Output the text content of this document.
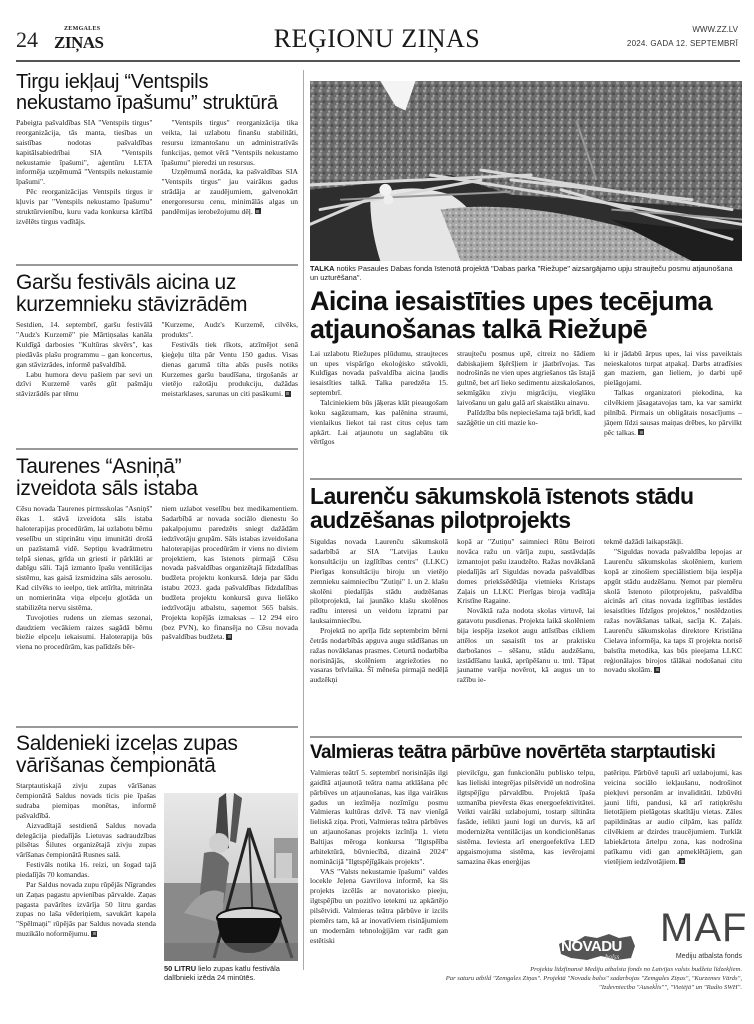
24	ZEMGALES
ZIŅAS	REĢIONU ZIŅAS	WWW.ZZ.LV
2024. GADA 12. SEPTEMBRĪ
Tirgu iekļauj “Ventspils nekustamo īpašumu” struktūrā

Pabeigta pašvaldības SIA "Ventspils tirgus" reorganizācija, tās manta, tiesības un saistības nodotas pašvaldības kapitālsabiedrībai SIA "Ventspils nekustamie īpašumi", aģentūru LETA informēja uzņēmumā "Ventspils nekustamie īpašumi".

Pēc reorganizācijas Ventspils tirgus ir kļuvis par "Ventspils nekustamo īpašumu" struktūrvienību, kuru vada konkursa kārtībā izvēlēts tirgus vadītājs.

"Ventspils tirgus" reorganizācija tika veikta, lai uzlabotu finanšu stabilitāti, resursu izmantošanu un administratīvās funkcijas, ņemot vērā "Ventspils nekustamo īpašumu" pieredzi un resursus.

Uzņēmumā norāda, ka pašvaldības SIA "Ventspils tirgus" jau vairākus gadus strādāja ar zaudējumiem, galvenokārt energoresursu cenu, minimālās algas un pandēmijas ierobežojumu dēļ.

Garšu festivāls aicina uz kurzemnieku stāvizrādēm

Sestdien, 14. septembrī, garšu festivālā "Audz's Kurzemē" pie Mārtiņsalas kanāla Kuldīgā darbosies "Kultūras skvērs", kas piedāvās plašu programmu – gan koncertus, gan stāvizrādes, informē pašvaldībā.

Labu humora devu pašiem par sevi un dzīvi Kurzemē varēs gūt pašmāju stāvizrādēs par tēmu

"Kurzeme, Audz's Kurzemē, cilvēks, produkts".

Festivāls tiek rīkots, atzīmējot senā ķieģeļu tilta pār Ventu 150 gadus. Visas dienas garumā tilta abās pusēs notiks Kurzemes garšu baudīšana, tirgošanās ar vietējo ražotāju produkciju, dažādas meistarklases, sarunas un citi pasākumi.

Taurenes “Asniņā” izveidota sāls istaba

Cēsu novada Taurenes pirmsskolas "Asniņš" ēkas 1. stāvā izveidota sāls istaba haloterapijas procedūrām, lai uzlabotu bērnu veselību un stiprinātu viņu imunitāti drošā un pazīstamā vidē. Septiņu kvadrātmetru telpā sienas, grīda un griesti ir pārklāti ar dabīgu sāli. Tajā izmanto īpašu ventilācijas sistēmu, kas gaisā izsmidzina sāls aerosolu. Kad cilvēks to ieelpo, tiek attīrīta, mitrināta un nomierināta viņa elpceļu gļotāda un stabilizēta nervu sistēma.

Tuvojoties rudens un ziemas sezonai, daudziem vecākiem raizes sagādā bērnu biežie elpceļu iekaisumi. Haloterapija būs viena no procedūrām, kas palīdzēs bēr-

niem uzlabot veselību bez medikamentiem. Sadarbībā ar novada sociālo dienestu šo pakalpojumu paredzēts sniegt dažādām iedzīvotāju grupām. Sāls istabas izveidošana haloterapijas procedūrām ir viens no diviem projektiem, kas īstenots pirmajā Cēsu novada pašvaldības organizētajā līdzdalības budžeta projektu konkursā. Ideja par šādu istabu 2023. gada pašvaldības līdzdalības budžeta projektu konkursā guva lielāko iedzīvotāju atbalstu, saņemot 565 balsis. Projekta kopējās izmaksas – 12 294 eiro (bez PVN), ko finansēja no Cēsu novada pašvaldības budžeta.

Saldenieki izceļas zupas vārīšanas čempionātā

Starptautiskajā zivju zupas vārīšanas čempionātā Saldus novads ticis pie īpašas sudraba piemiņas monētas, informē pašvaldībā.

Aizvadītajā sestdienā Saldus novada delegācija piedalījās Lietuvas sadraudzības pilsētas Šilutes organizētajā zivju zupas vārīšanas čempionātā Rusnes salā.

Festivāls notika 16. reizi, un šogad tajā piedalījās 70 komandas.

Par Saldus novada zupu rūpējās Nīgrandes un Zaņas pagastu apvienības pārvalde. Zaņas pagasta pavārītes izvārīja 50 litru gardas zupas no laša vēderiņiem, savukārt kapela "Spēlmaņi" rūpējās par Saldus novada stenda muzikālo noformējumu.

50 LITRU lielo zupas katlu festivāla dalībnieki izēda 24 minūtēs.
TALKA notiks Pasaules Dabas fonda īstenotā projektā "Dabas parka "Riežupe" aizsargājamo upju straujteču posmu atjaunošana un uzturēšana".
Aicina iesaistīties upes tecējuma atjaunošanas talkā Riežupē

Lai uzlabotu Riežupes plūdumu, straujteces un upes vispārīgo ekoloģisko stāvokli, Kuldīgas novada pašvaldība aicina ļaudis iesaistīties talkā. Talka paredzēta 15. septembrī.

Talciniekiem būs jāķeras klāt pieaugošam koku sagāzumam, kas palēnina straumi, vienlaikus liekot tai rast citus ceļus tam apkārt. Lai atjaunotu un saglabātu tik vērtīgos

straujteču posmus upē, citreiz no šādiem dabiskajiem šķēršļiem ir jāatbrīvojas. Tas nodrošinās ne vien upes atgriešanos tās īstajā gultnē, bet arī lieko sedimentu aizskalošanos, sekmīgāku zivju migrāciju, vieglāku laivošanu un galu galā arī skaistāku ainavu.

Palīdzība būs nepieciešama tajā brīdī, kad sazāģētie un citi mazie ko-

ki ir jādabū ārpus upes, lai viss paveiktais neieskalotos turpat atpakaļ. Darbs atradīsies gan maziem, gan lieliem, jo darbi upē pielāgojami.

Talkas organizatori piekodina, ka cilvēkiem jāsagatavojas tam, ka var samirkt pilnībā. Pirmais un obligātais nosacījums – jāņem līdzi sausas maiņas drēbes, ko pārvilkt pēc talkas.

Laurenču sākumskolā īstenots stādu audzēšanas pilotprojekts

Siguldas novada Laurenču sākumskolā sadarbībā ar SIA "Latvijas Lauku konsultāciju un izglītības centrs" (LLKC) Pierīgas konsultāciju biroju un vietējo zemnieku saimniecību "Zutiņi" 1. un 2. klašu skolēni piedalījās stādu audzēšanas pilotprojektā, lai jaunāko klašu skolēnos radītu interesi un veidotu izpratni par lauksaimniecību.

Projektā no aprīļa līdz septembrim bērni četrās nodarbībās apguva augu stādīšanas un ražas novākšanas prasmes. Ceturtā nodarbība norisinājās, skolēniem atgriežoties no vasaras brīvlaika. Šī mēneša pirmajā nedēļā audzēkņi

kopā ar "Zutiņu" saimnieci Rūtu Beiroti novāca ražu un vārīja zupu, sastāvdaļās izmantojot pašu izaudzēto. Ražas novākšanā piedalījās arī Siguldas novada pašvaldības domes priekšsēdētāja vietnieks Kristaps Zaļais un LLKC Pierīgas biroja vadītāja Kristīne Ragaine.

Novāktā raža nodota skolas virtuvē, lai gatavotu pusdienas. Projekta laikā skolēniem bija iespēja izsekot augu attīstības cikliem attēlos un sasaistīt tos ar praktisku darbošanos – sēšanu, stādu audzēšanu, izstādīšanu laukā, aprūpēšanu u. tml. Tāpat jaunatne varēja novērot, kā augus un to ražību ie-

tekmē dažādi laikapstākļi.

"Siguldas novada pašvaldība lepojas ar Laurenču sākumskolas skolēniem, kuriem kopā ar zinošiem speciālistiem bija iespēja apgūt stādu audzēšanu. Ņemot par piemēru skolā īstenoto pilotprojektu, pašvaldība aicinās arī citas novada izglītības iestādes iesaistīties līdzīgos projektos," noslēdzoties ražas novākšanas talkai, sacīja K. Zaļais. Laurenču sākumskolas direktore Kristiāna Cielava informēja, ka taps šī projekta norisē balstīta metodika, kas būs pieejama LLKC reģionālajos birojos tālākai nodošanai citu novadu skolām.

Valmieras teātra pārbūve novērtēta starptautiski

Valmieras teātrī 5. septembrī norisinājās ilgi gaidītā atjaunotā teātra nama atklāšana pēc pārbūves un atjaunošanas, kas ilga vairākus gadus un iezīmēja nozīmīgu posmu Valmieras kultūras dzīvē. Tā nav vienīgā lieliskā ziņa. Proti, Valmieras teātra pārbūves un atjaunošanas projekts izcīnīja 1. vietu Baltijas mēroga konkursa "Ilgtspēība arhitektūrā, būvniecībā, dizainā 2024" nominācijā "Ilgtspējīgākais projekts".

VAS "Valsts nekustamie īpašumi" valdes locekle Jeļena Gavrilova informē, ka šis projekts izcēlās ar novatorisko pieeju, ilgtspējību un pozitīvo ietekmi uz apkārtējo pilsētvidi. Valmieras teātra pārbūve ir izcils piemērs tam, kā ar inovatīviem risinājumiem un modernām tehnoloģijām var radīt gan estētiski

pievilcīgu, gan funkcionālu publisko telpu, kas lieliski integrējas pilsētvidē un nodrošina ilgtspējīgu pārvaldību. Projektā īpaša uzmanība pievērsta ēkas energoefektivitātei. Veikti vairāki uzlabojumi, tostarp siltināta fasāde, ielikti jauni logi un durvis, kā arī modernizēta ventilācijas un kondicionēšanas sistēma. Ieviesta arī energoefektīva LED apgaismojuma sistēma, kas ievērojami samazina ēkas enerģijas

patēriņu. Pārbūvē tapuši arī uzlabojumi, kas veicina sociālo iekļaušanu, nodrošinot piekļuvi personām ar invaliditāti. Izbūvēti jauni lifti, pandusi, kā arī ratiņkrēslu lietotājiem pielāgotas skatītāju vietas. Zāles papildinātas ar audio cilpām, kas palīdz cilvēkiem ar dzirdes traucējumiem. Turklāt labiekārtota ārtelpu zona, kas nodrošina patīkamu vidi gan apmeklētājiem, gan vietējiem iedzīvotājiem.

NOVADU
balss
MAF
Mediju atbalsta fonds
Projektu līdzfinansē Mediju atbalsta fonds no Latvijas valsts budžeta līdzekļiem.
Par saturu atbild "Zemgales Ziņas". Projektā "Novadu balss" sadarbojas "Zemgales Ziņas", "Kurzemes Vārds", "Izdevniecība "Ausekl̄is"", "Vietējā" un "Radio SWH".
